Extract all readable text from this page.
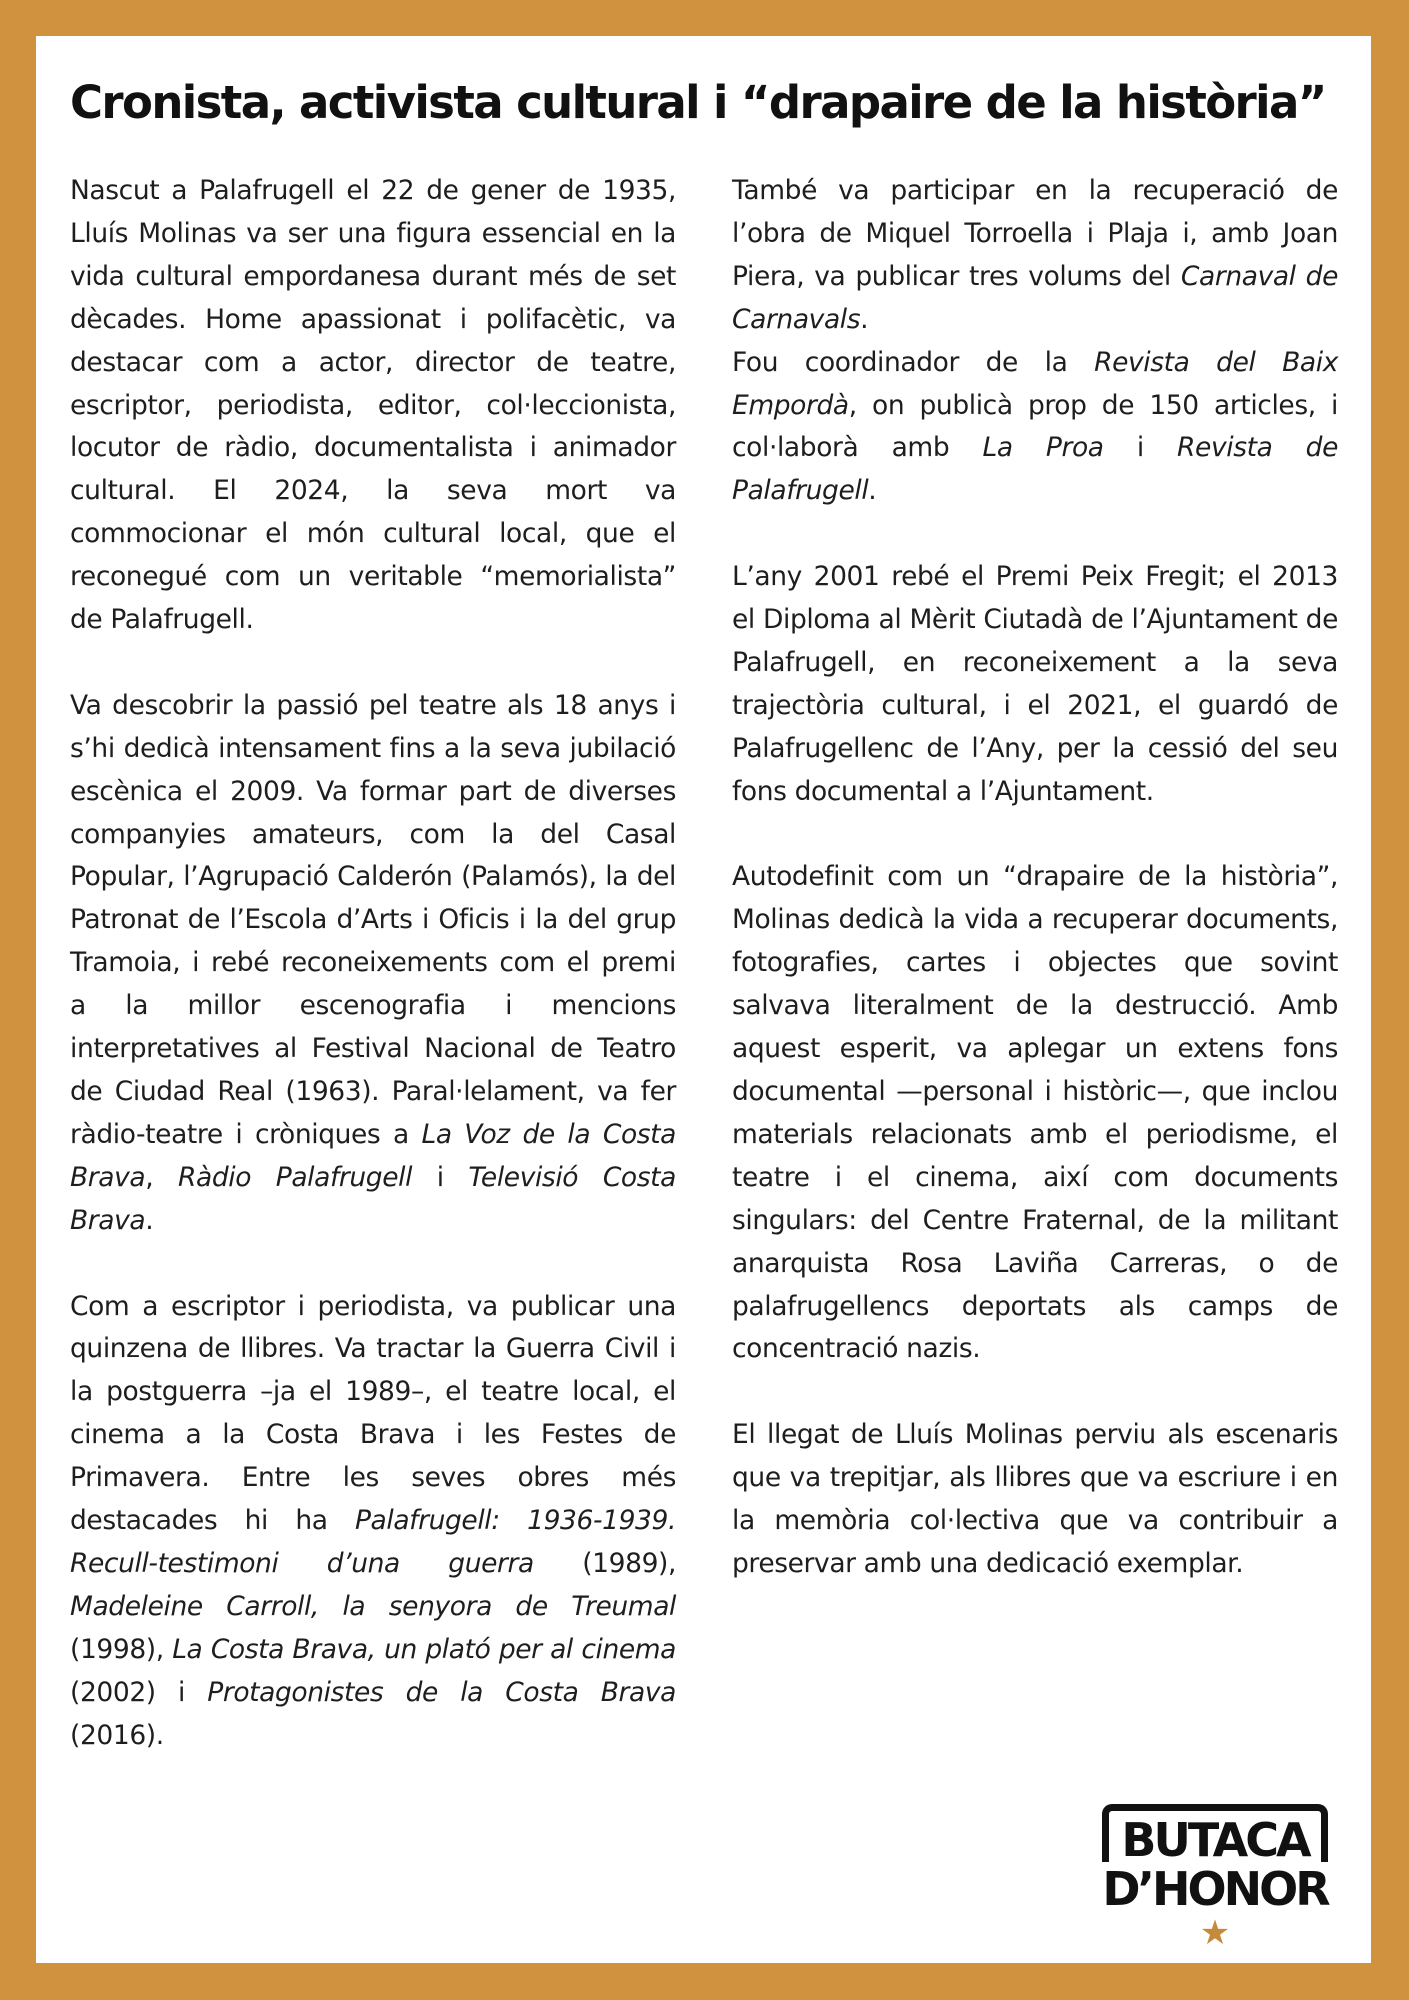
Cronista, activista cultural i “drapaire de la història”

Nascut a Palafrugell el 22 de gener de 1935, Lluís Molinas va ser una figura essencial en la vida cultural empordanesa durant més de set dècades. Home apassionat i polifacètic, va destacar com a actor, director de teatre, escriptor, periodista, editor, col·leccionista, locutor de ràdio, documentalista i animador cultural. El 2024, la seva mort va commocionar el món cultural local, que el reconegué com un veritable “memorialista” de Palafrugell.

Va descobrir la passió pel teatre als 18 anys i s’hi dedicà intensament fins a la seva jubilació escènica el 2009. Va formar part de diverses companyies amateurs, com la del Casal Popular, l’Agrupació Calderón (Palamós), la del Patronat de l’Escola d’Arts i Oficis i la del grup Tramoia, i rebé reconeixements com el premi a la millor escenografia i mencions interpretatives al Festival Nacional de Teatro de Ciudad Real (1963). Paral·lelament, va fer ràdio-teatre i cròniques a La Voz de la Costa Brava, Ràdio Palafrugell i Televisió Costa Brava.

Com a escriptor i periodista, va publicar una quinzena de llibres. Va tractar la Guerra Civil i la postguerra –ja el 1989–, el teatre local, el cinema a la Costa Brava i les Festes de Primavera. Entre les seves obres més destacades hi ha Palafrugell: 1936-1939. Recull-testimoni d’una guerra (1989), Madeleine Carroll, la senyora de Treumal (1998), La Costa Brava, un plató per al cinema (2002) i Protagonistes de la Costa Brava (2016).

També va participar en la recuperació de l’obra de Miquel Torroella i Plaja i, amb Joan Piera, va publicar tres volums del Carnaval de Carnavals.

Fou coordinador de la Revista del Baix Empordà, on publicà prop de 150 articles, i col·laborà amb La Proa i Revista de Palafrugell.

L’any 2001 rebé el Premi Peix Fregit; el 2013 el Diploma al Mèrit Ciutadà de l’Ajuntament de Palafrugell, en reconeixement a la seva trajectòria cultural, i el 2021, el guardó de Palafrugellenc de l’Any, per la cessió del seu fons documental a l’Ajuntament.

Autodefinit com un “drapaire de la història”, Molinas dedicà la vida a recuperar documents, fotografies, cartes i objectes que sovint salvava literalment de la destrucció. Amb aquest esperit, va aplegar un extens fons documental —personal i històric—, que inclou materials relacionats amb el periodisme, el teatre i el cinema, així com documents singulars: del Centre Fraternal, de la militant anarquista Rosa Laviña Carreras, o de palafrugellencs deportats als camps de concentració nazis.

El llegat de Lluís Molinas perviu als escenaris que va trepitjar, als llibres que va escriure i en la memòria col·lectiva que va contribuir a preservar amb una dedicació exemplar.

BUTACA
D’HONOR
★
